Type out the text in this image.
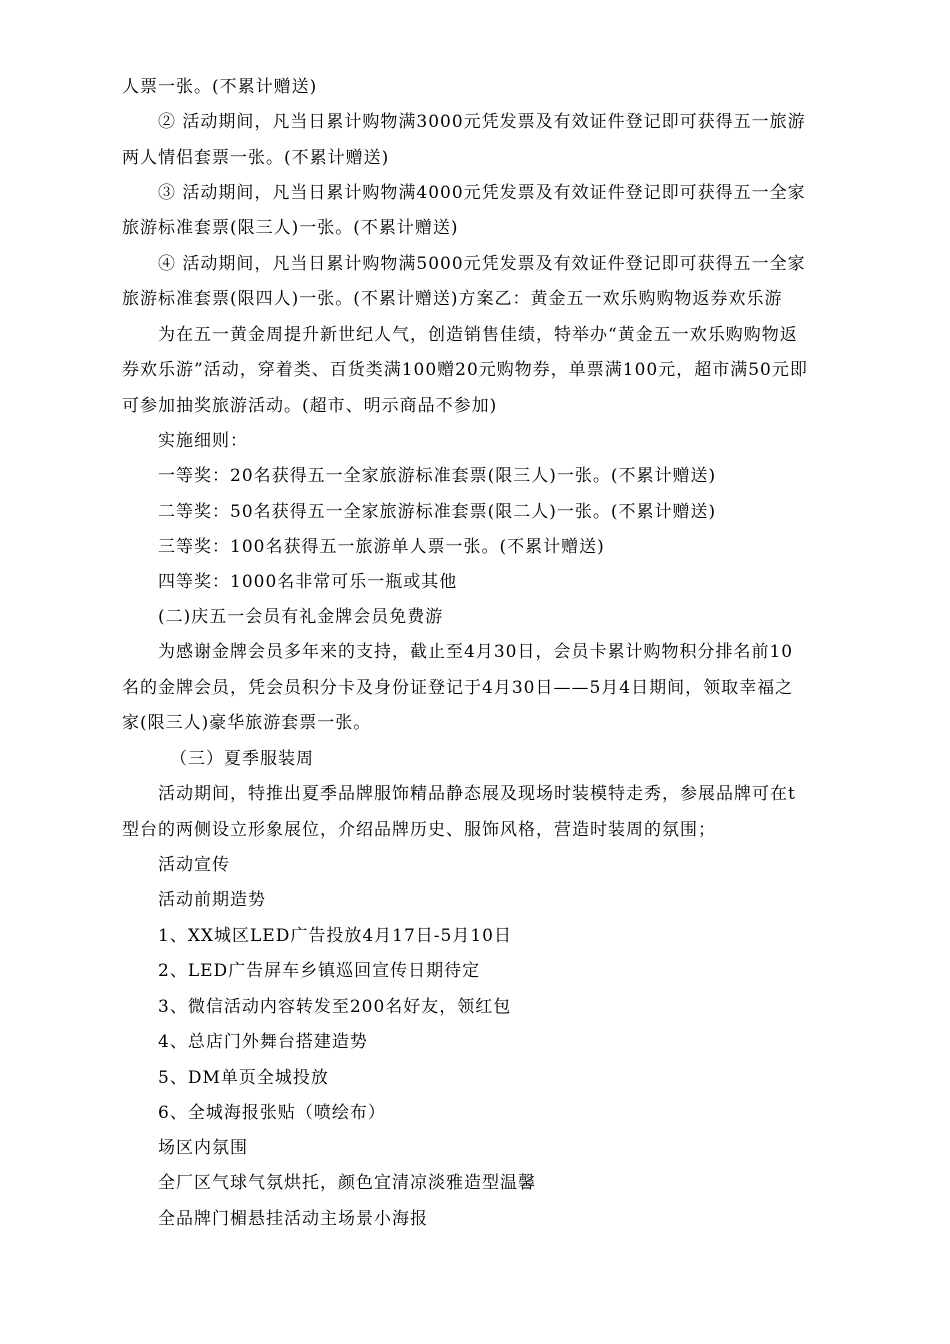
人票一张。(不累计赠送)
② 活动期间，凡当日累计购物满3000元凭发票及有效证件登记即可获得五一旅游
两人情侣套票一张。(不累计赠送)
③ 活动期间，凡当日累计购物满4000元凭发票及有效证件登记即可获得五一全家
旅游标准套票(限三人)一张。(不累计赠送)
④ 活动期间，凡当日累计购物满5000元凭发票及有效证件登记即可获得五一全家
旅游标准套票(限四人)一张。(不累计赠送)方案乙：黄金五一欢乐购购物返券欢乐游
为在五一黄金周提升新世纪人气，创造销售佳绩，特举办“黄金五一欢乐购购物返
券欢乐游”活动，穿着类、百货类满100赠20元购物券，单票满100元，超市满50元即
可参加抽奖旅游活动。(超市、明示商品不参加)
实施细则：
一等奖：20名获得五一全家旅游标准套票(限三人)一张。(不累计赠送)
二等奖：50名获得五一全家旅游标准套票(限二人)一张。(不累计赠送)
三等奖：100名获得五一旅游单人票一张。(不累计赠送)
四等奖：1000名非常可乐一瓶或其他
(二)庆五一会员有礼金牌会员免费游
为感谢金牌会员多年来的支持，截止至4月30日，会员卡累计购物积分排名前10
名的金牌会员，凭会员积分卡及身份证登记于4月30日——5月4日期间，领取幸福之
家(限三人)豪华旅游套票一张。
（三）夏季服装周
活动期间，特推出夏季品牌服饰精品静态展及现场时装模特走秀，参展品牌可在t
型台的两侧设立形象展位，介绍品牌历史、服饰风格，营造时装周的氛围；
活动宣传
活动前期造势
1、XX城区LED广告投放4月17日-5月10日
2、LED广告屏车乡镇巡回宣传日期待定
3、微信活动内容转发至200名好友，领红包
4、总店门外舞台搭建造势
5、DM单页全城投放
6、全城海报张贴（喷绘布）
场区内氛围
全厂区气球气氛烘托，颜色宜清凉淡雅造型温馨
全品牌门楣悬挂活动主场景小海报
